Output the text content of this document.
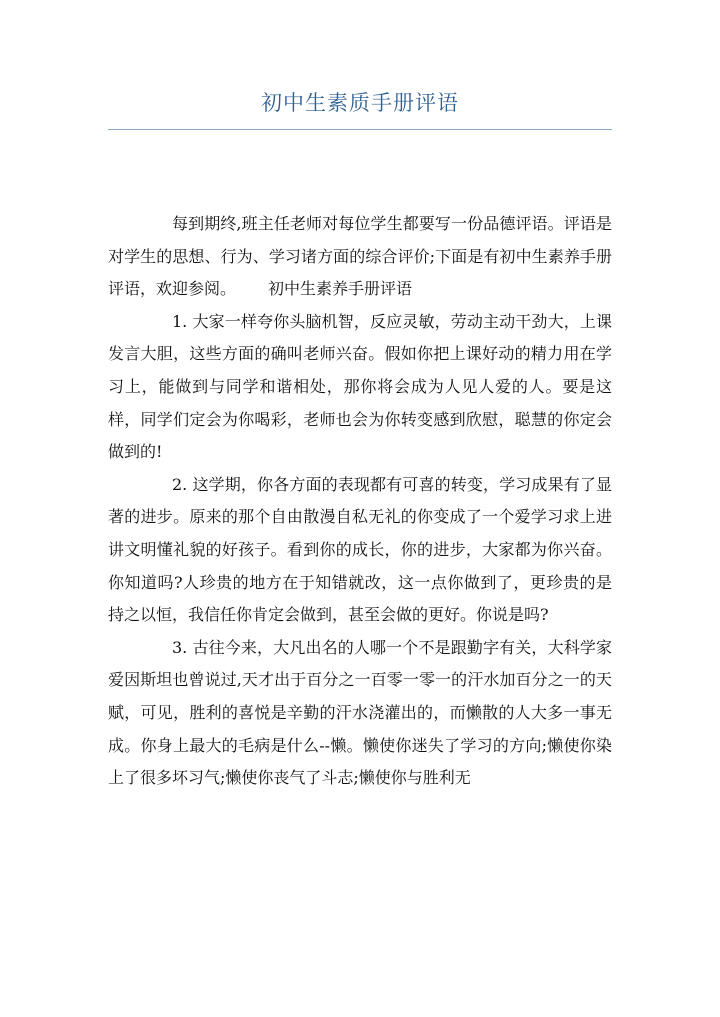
初中生素质手册评语

每到期终,班主任老师对每位学生都要写一份品德评语。评语是对学生的思想、行为、学习诸方面的综合评价;下面是有初中生素养手册评语，欢迎参阅。 初中生素养手册评语

1. 大家一样夸你头脑机智，反应灵敏，劳动主动干劲大，上课发言大胆，这些方面的确叫老师兴奋。假如你把上课好动的精力用在学习上，能做到与同学和谐相处，那你将会成为人见人爱的人。要是这样，同学们定会为你喝彩，老师也会为你转变感到欣慰，聪慧的你定会做到的!

2. 这学期，你各方面的表现都有可喜的转变，学习成果有了显著的进步。原来的那个自由散漫自私无礼的你变成了一个爱学习求上进讲文明懂礼貌的好孩子。看到你的成长，你的进步，大家都为你兴奋。你知道吗?人珍贵的地方在于知错就改，这一点你做到了，更珍贵的是持之以恒，我信任你肯定会做到，甚至会做的更好。你说是吗?

3. 古往今来，大凡出名的人哪一个不是跟勤字有关，大科学家爱因斯坦也曾说过,天才出于百分之一百零一零一的汗水加百分之一的天赋，可见，胜利的喜悦是辛勤的汗水浇灌出的，而懒散的人大多一事无成。你身上最大的毛病是什么--懒。懒使你迷失了学习的方向;懒使你染上了很多坏习气;懒使你丧气了斗志;懒使你与胜利无
